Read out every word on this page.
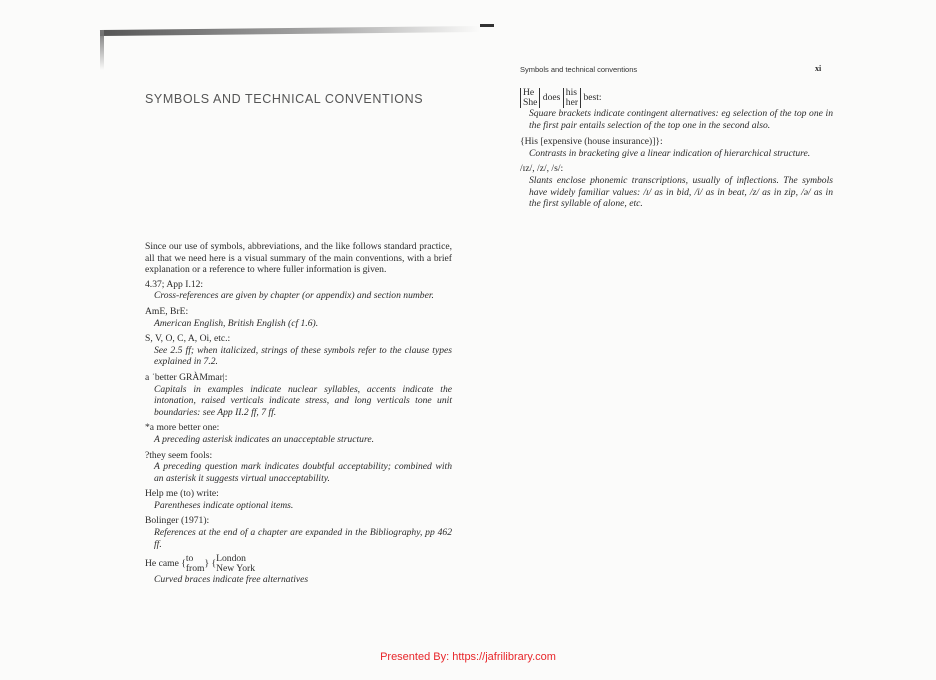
SYMBOLS AND TECHNICAL CONVENTIONS
Since our use of symbols, abbreviations, and the like follows standard practice, all that we need here is a visual summary of the main conventions, with a brief explanation or a reference to where fuller information is given.
4.37; App I.12:
Cross-references are given by chapter (or appendix) and section number.
AmE, BrE:
American English, British English (cf 1.6).
S, V, O, C, A, Oi, etc.:
See 2.5 ff; when italicized, strings of these symbols refer to the clause types explained in 7.2.
a ˈbetter GRÀMmar|:
Capitals in examples indicate nuclear syllables, accents indicate the intonation, raised verticals indicate stress, and long verticals tone unit boundaries: see App II.2 ff, 7 ff.
*a more better one:
A preceding asterisk indicates an unacceptable structure.
?they seem fools:
A preceding question mark indicates doubtful acceptability; combined with an asterisk it suggests virtual unacceptability.
Help me (to) write:
Parentheses indicate optional items.
Bolinger (1971):
References at the end of a chapter are expanded in the Bibliography, pp 462 ff.
He came {to
from} {London
New York
Curved braces indicate free alternatives
Symbols and technical conventions	xi
He
She does his
her best:
Square brackets indicate contingent alternatives: eg selection of the top one in the first pair entails selection of the top one in the second also.
{His [expensive (house insurance)]}:
Contrasts in bracketing give a linear indication of hierarchical structure.
/ɪz/, /z/, /s/:
Slants enclose phonemic transcriptions, usually of inflections. The symbols have widely familiar values: /ɪ/ as in bid, /i/ as in beat, /z/ as in zip, /ə/ as in the first syllable of alone, etc.
Presented By: https://jafrilibrary.com
